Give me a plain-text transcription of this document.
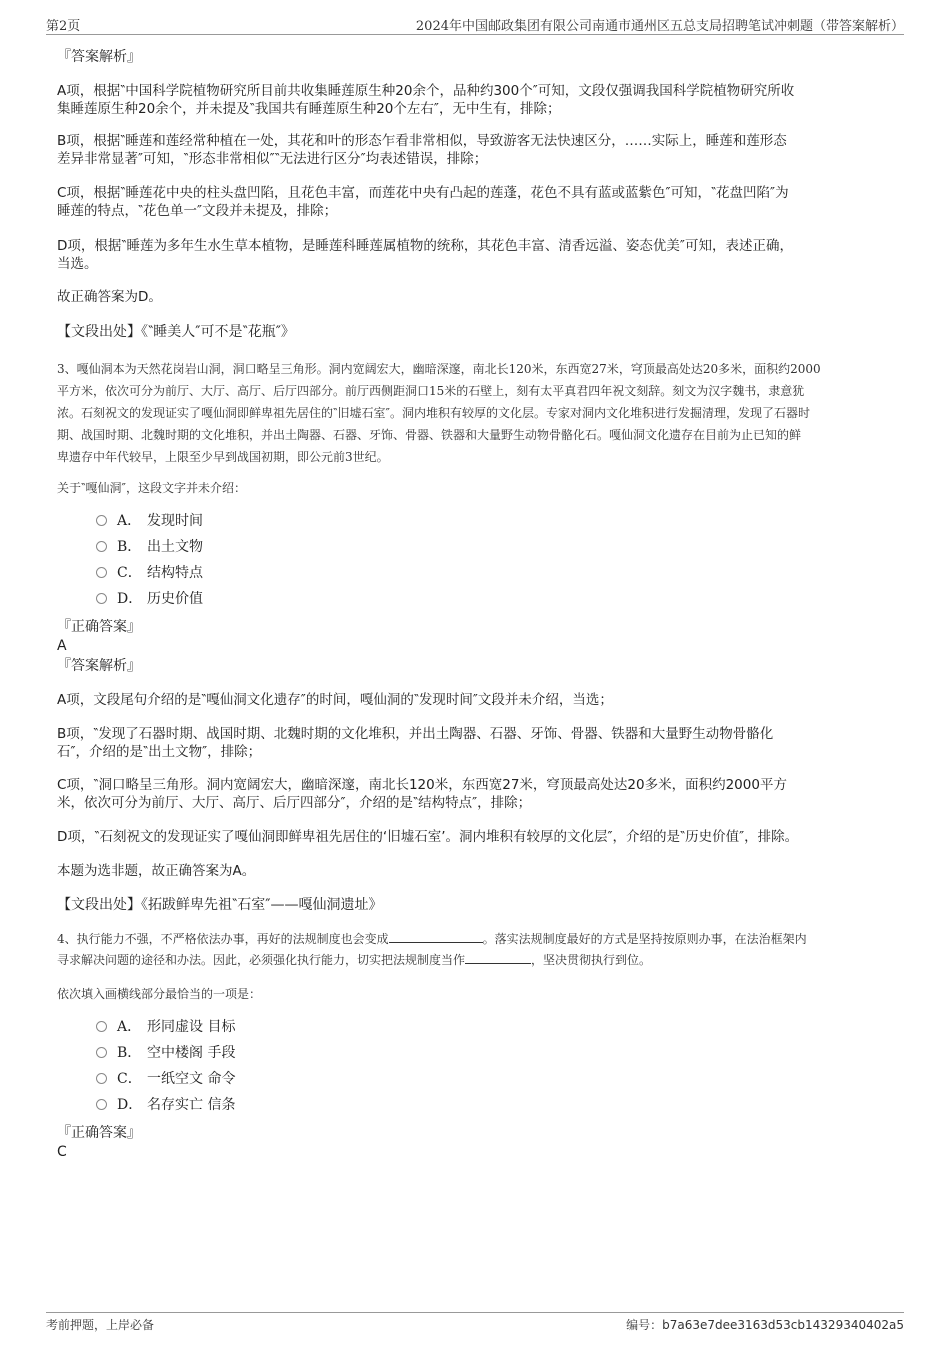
第2页	2024年中国邮政集团有限公司南通市通州区五总支局招聘笔试冲刺题（带答案解析）

『答案解析』

A项，根据‶中国科学院植物研究所目前共收集睡莲原生种20余个，品种约300个″可知，文段仅强调我国科学院植物研究所收

集睡莲原生种20余个，并未提及‶我国共有睡莲原生种20个左右″，无中生有，排除；

B项，根据‶睡莲和莲经常种植在一处，其花和叶的形态乍看非常相似，导致游客无法快速区分，……实际上，睡莲和莲形态

差异非常显著″可知，‶形态非常相似″‶无法进行区分″均表述错误，排除；

C项，根据‶睡莲花中央的柱头盘凹陷，且花色丰富，而莲花中央有凸起的莲蓬，花色不具有蓝或蓝紫色″可知，‶花盘凹陷″为

睡莲的特点，‶花色单一″文段并未提及，排除；

D项，根据‶睡莲为多年生水生草本植物，是睡莲科睡莲属植物的统称，其花色丰富、清香远溢、姿态优美″可知，表述正确，

当选。

故正确答案为D。

【文段出处】《‶睡美人″可不是‶花瓶″》

3、嘎仙洞本为天然花岗岩山洞，洞口略呈三角形。洞内宽阔宏大，幽暗深邃，南北长120米，东西宽27米，穹顶最高处达20多米，面积约2000

平方米，依次可分为前厅、大厅、高厅、后厅四部分。前厅西侧距洞口15米的石壁上，刻有太平真君四年祝文刻辞。刻文为汉字魏书，隶意犹

浓。石刻祝文的发现证实了嘎仙洞即鲜卑祖先居住的‶旧墟石室″。洞内堆积有较厚的文化层。专家对洞内文化堆积进行发掘清理，发现了石器时

期、战国时期、北魏时期的文化堆积，并出土陶器、石器、牙饰、骨器、铁器和大量野生动物骨骼化石。嘎仙洞文化遗存在目前为止已知的鲜

卑遗存中年代较早，上限至少早到战国初期，即公元前3世纪。

关于‶嘎仙洞″，这段文字并未介绍：

A． 发现时间
B． 出土文物
C． 结构特点
D． 历史价值

『正确答案』

A

『答案解析』

A项，文段尾句介绍的是‶嘎仙洞文化遗存″的时间，嘎仙洞的‶发现时间″文段并未介绍，当选；

B项，‶发现了石器时期、战国时期、北魏时期的文化堆积，并出土陶器、石器、牙饰、骨器、铁器和大量野生动物骨骼化

石″，介绍的是‶出土文物″，排除；

C项，‶洞口略呈三角形。洞内宽阔宏大，幽暗深邃，南北长120米，东西宽27米，穹顶最高处达20多米，面积约2000平方

米，依次可分为前厅、大厅、高厅、后厅四部分″，介绍的是‶结构特点″，排除；

D项，‶石刻祝文的发现证实了嘎仙洞即鲜卑祖先居住的‘旧墟石室’。洞内堆积有较厚的文化层″，介绍的是‶历史价值″，排除。

本题为选非题，故正确答案为A。

【文段出处】《拓跋鲜卑先祖‶石室″——嘎仙洞遗址》

4、执行能力不强，不严格依法办事，再好的法规制度也会变成	。落实法规制度最好的方式是坚持按原则办事，在法治框架内

寻求解决问题的途径和办法。因此，必须强化执行能力，切实把法规制度当作	，坚决贯彻执行到位。

依次填入画横线部分最恰当的一项是：

A． 形同虚设 目标
B． 空中楼阁 手段
C． 一纸空文 命令
D． 名存实亡 信条

『正确答案』

C

考前押题，上岸必备	编号：b7a63e7dee3163d53cb14329340402a5
